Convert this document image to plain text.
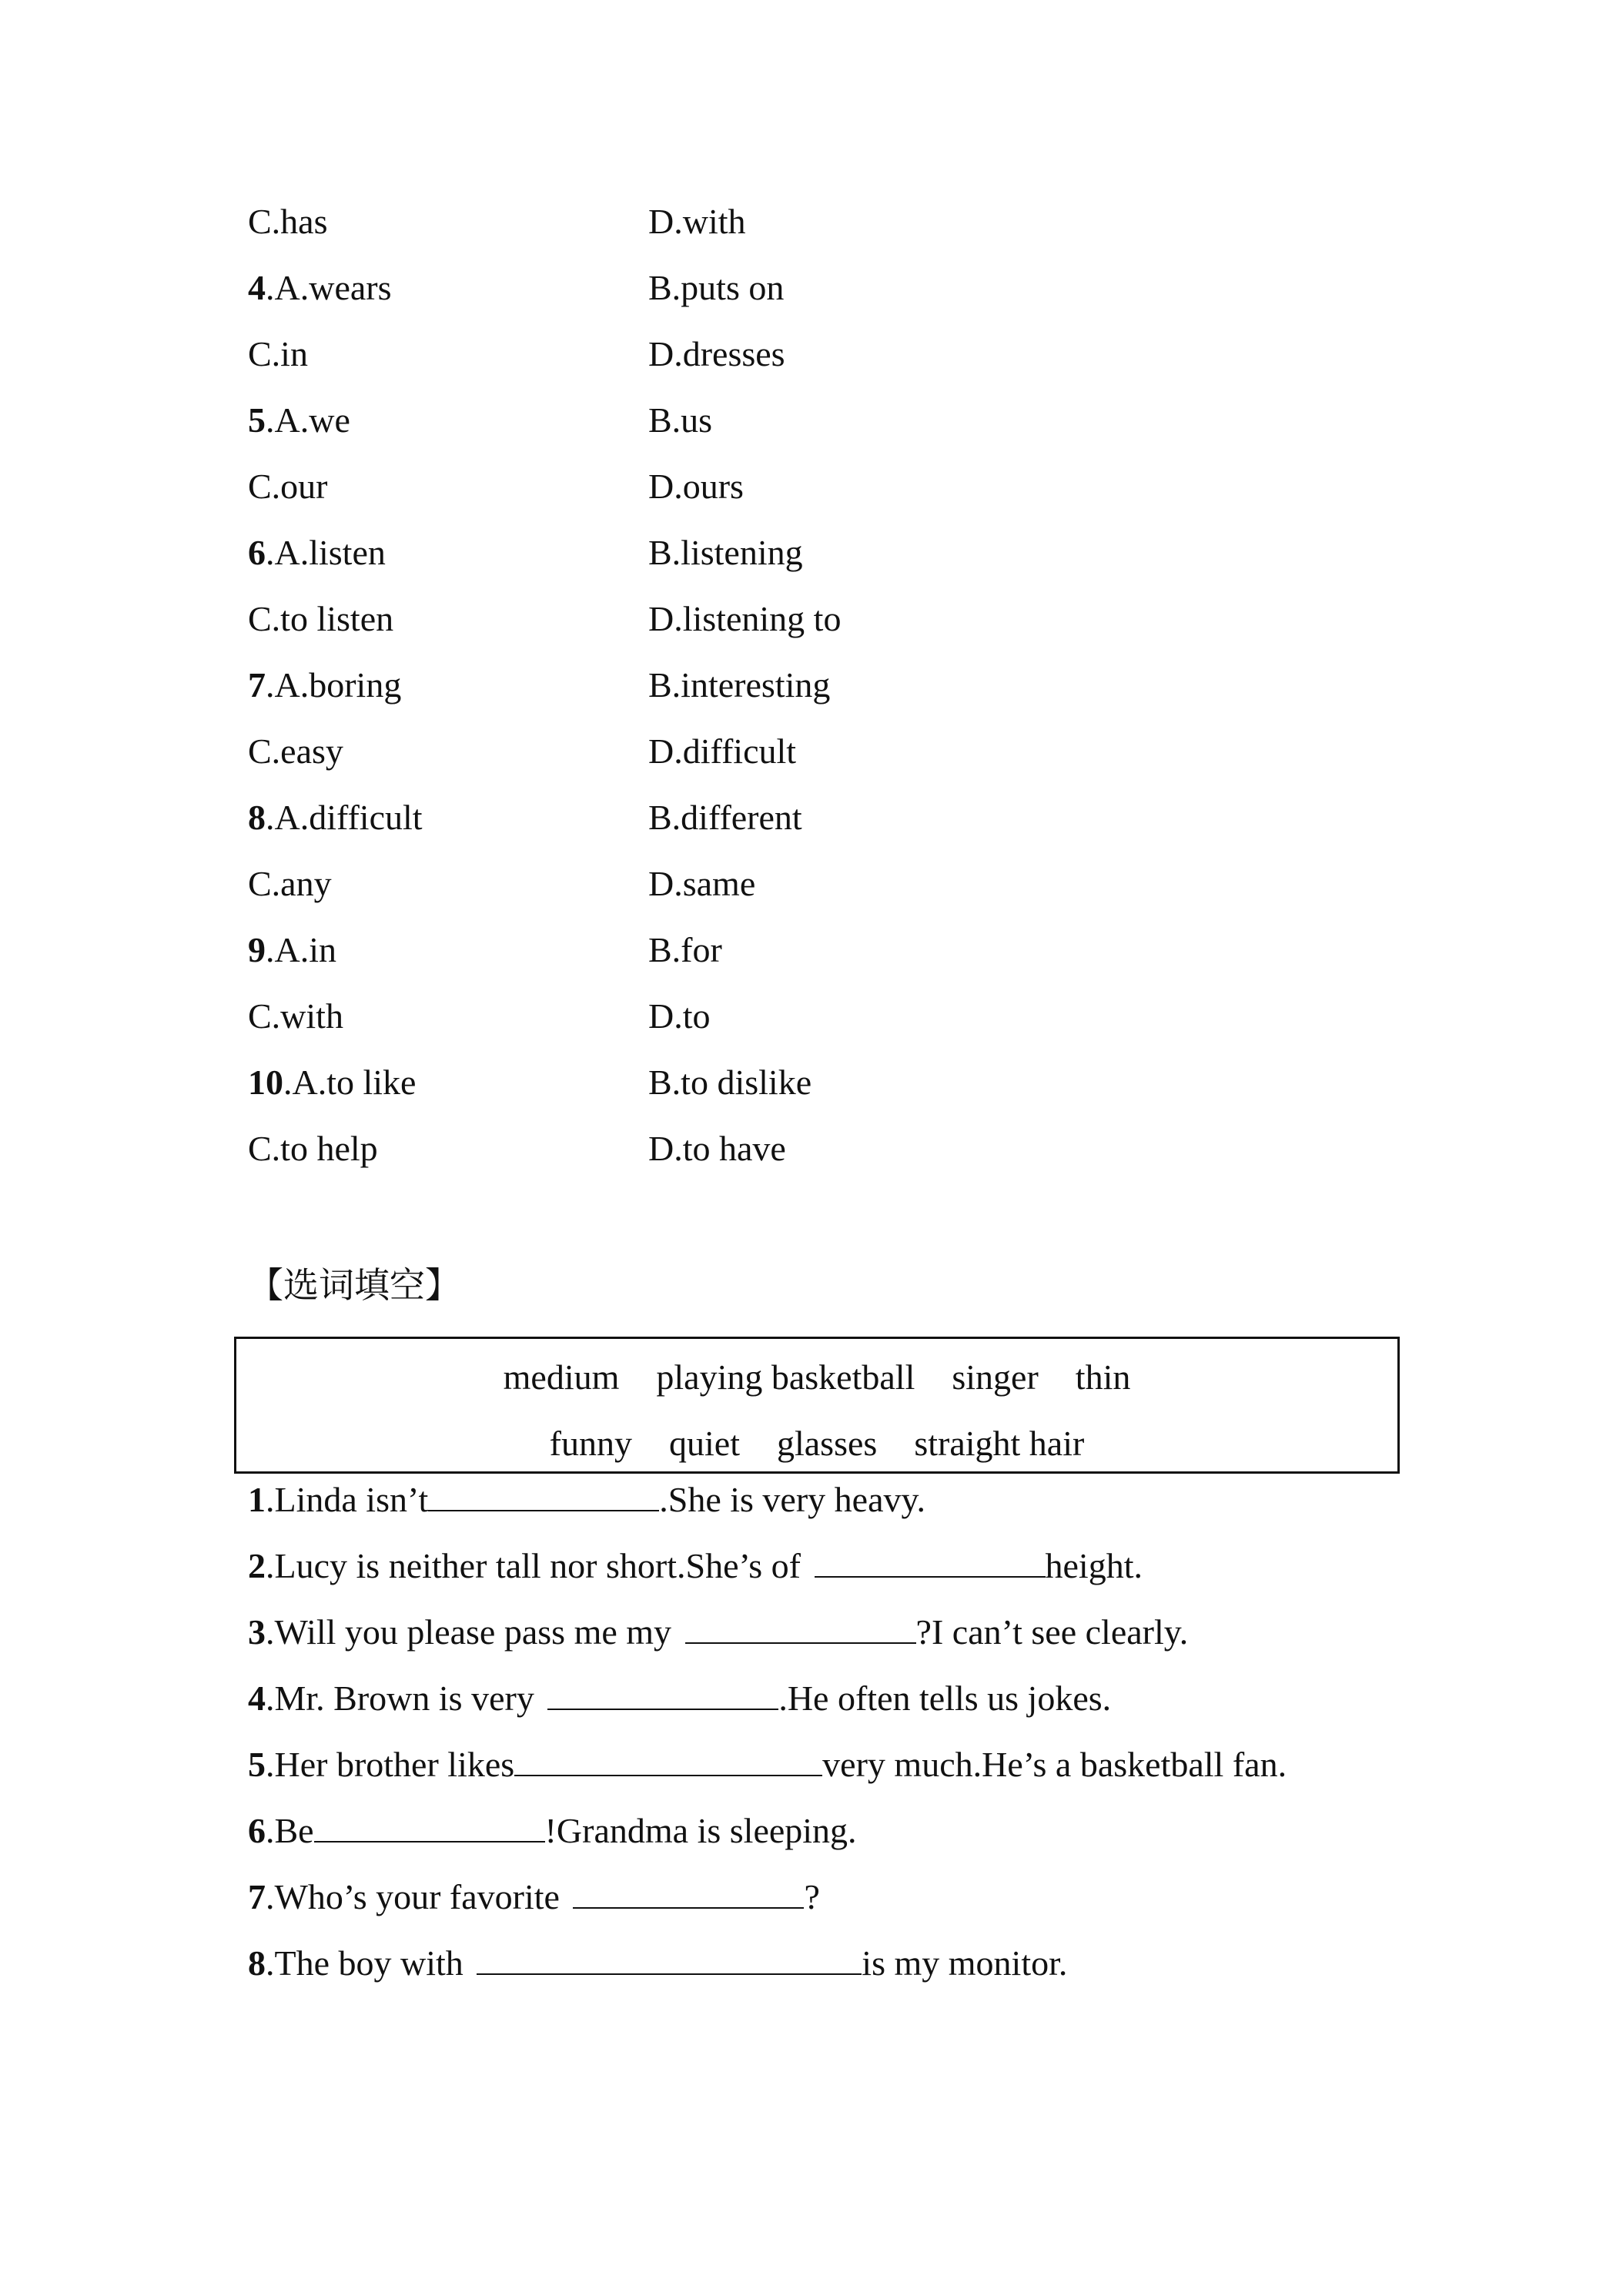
C.has	D.with
4.A.wears	B.puts on
C.in	D.dresses
5.A.we	B.us
C.our	D.ours
6.A.listen	B.listening
C.to listen	D.listening to
7.A.boring	B.interesting
C.easy	D.difficult
8.A.difficult	B.different
C.any	D.same
9.A.in	B.for
C.with	D.to
10.A.to like	B.to dislike
C.to help	D.to have
【选词填空】
medium playing basketball singer thin
funny quiet glasses straight hair
1.Linda isn’t	.She is very heavy.
2.Lucy is neither tall nor short.She’s of	height.
3.Will you please pass me my	?I can’t see clearly.
4.Mr. Brown is very	.He often tells us jokes.
5.Her brother likes	very much.He’s a basketball fan.
6.Be	!Grandma is sleeping.
7.Who’s your favorite	?
8.The boy with	is my monitor.
